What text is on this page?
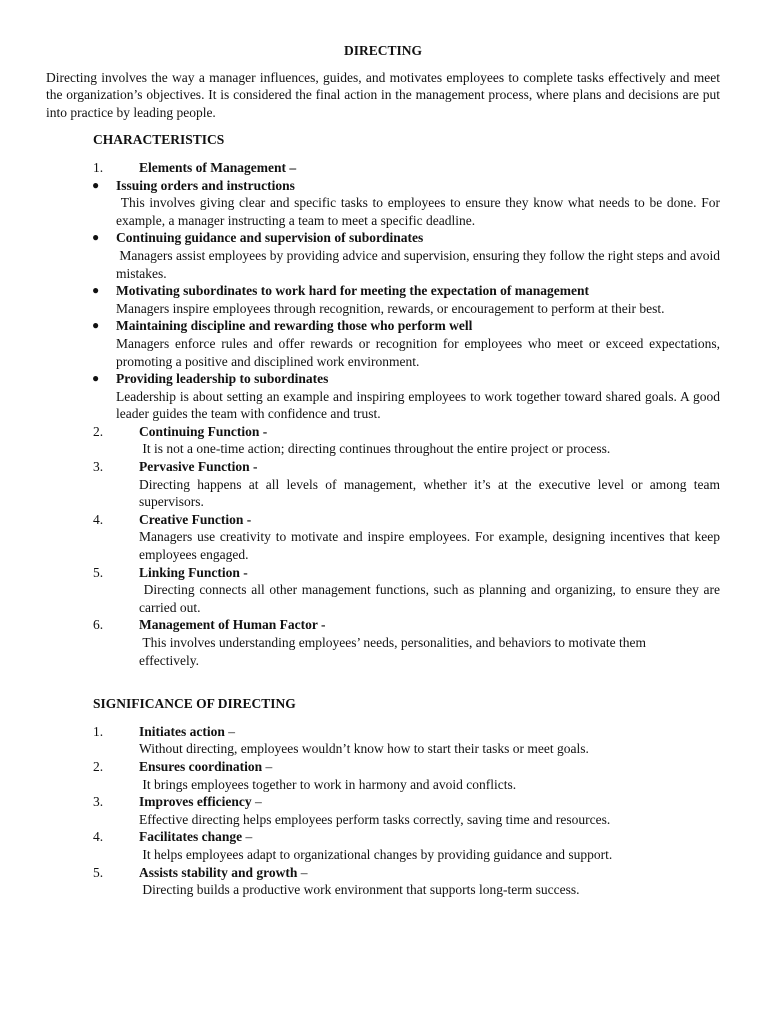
DIRECTING
Directing involves the way a manager influences, guides, and motivates employees to complete tasks effectively and meet the organization’s objectives. It is considered the final action in the management process, where plans and decisions are put into practice by leading people.
CHARACTERISTICS
1.	Elements of Management –
● Issuing orders and instructions
This involves giving clear and specific tasks to employees to ensure they know what needs to be done. For example, a manager instructing a team to meet a specific deadline.
● Continuing guidance and supervision of subordinates
Managers assist employees by providing advice and supervision, ensuring they follow the right steps and avoid mistakes.
● Motivating subordinates to work hard for meeting the expectation of management
Managers inspire employees through recognition, rewards, or encouragement to perform at their best.
● Maintaining discipline and rewarding those who perform well
Managers enforce rules and offer rewards or recognition for employees who meet or exceed expectations, promoting a positive and disciplined work environment.
● Providing leadership to subordinates
Leadership is about setting an example and inspiring employees to work together toward shared goals. A good leader guides the team with confidence and trust.
2.	Continuing Function -
It is not a one-time action; directing continues throughout the entire project or process.
3.	Pervasive Function -
Directing happens at all levels of management, whether it’s at the executive level or among team supervisors.
4.	Creative Function -
Managers use creativity to motivate and inspire employees. For example, designing incentives that keep employees engaged.
5.	Linking Function -
Directing connects all other management functions, such as planning and organizing, to ensure they are carried out.
6.	Management of Human Factor -
This involves understanding employees’ needs, personalities, and behaviors to motivate them effectively.
SIGNIFICANCE OF DIRECTING
1.	Initiates action –
Without directing, employees wouldn’t know how to start their tasks or meet goals.
2.	Ensures coordination –
It brings employees together to work in harmony and avoid conflicts.
3.	Improves efficiency –
Effective directing helps employees perform tasks correctly, saving time and resources.
4.	Facilitates change –
It helps employees adapt to organizational changes by providing guidance and support.
5.	Assists stability and growth –
Directing builds a productive work environment that supports long-term success.
